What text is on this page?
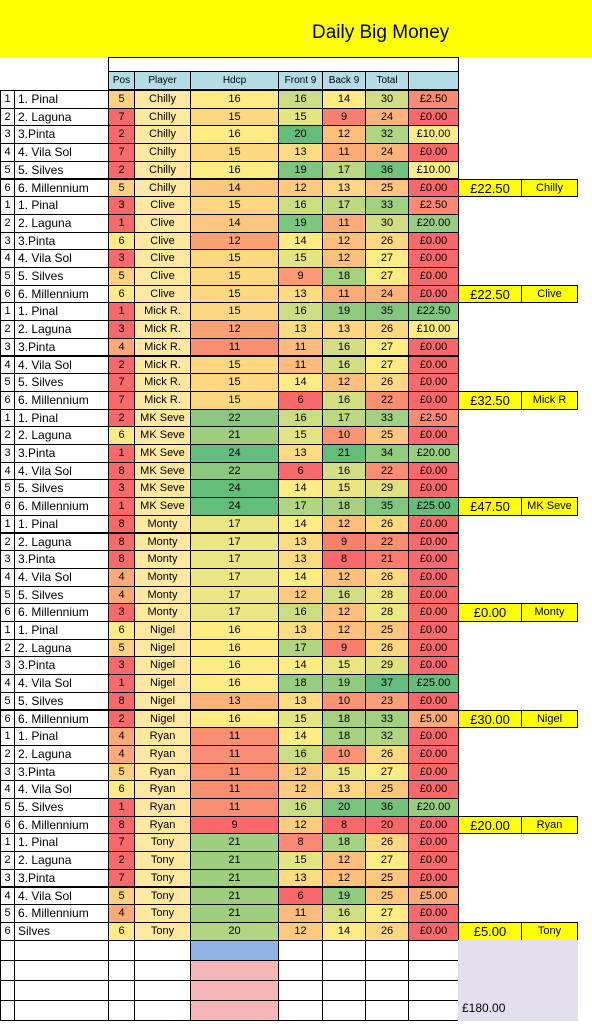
Daily Big Money
Pos	Player	Hdcp	Front 9	Back 9	Total
1 1. Pinal	5	Chilly	16	16	14	30	£2.50
2 2. Laguna	7	Chilly	15	15	9	24	£0.00
3 3.Pinta	2	Chilly	16	20	12	32	£10.00
4 4. Vila Sol	7	Chilly	15	13	11	24	£0.00
5 5. Silves	2	Chilly	16	19	17	36	£10.00
6 6. Millennium	5	Chilly	14	12	13	25	£0.00	£22.50	Chilly
1 1. Pinal	3	Clive	15	16	17	33	£2.50
2 2. Laguna	1	Clive	14	19	11	30	£20.00
3 3.Pinta	6	Clive	12	14	12	26	£0.00
4 4. Vila Sol	3	Clive	15	15	12	27	£0.00
5 5. Silves	5	Clive	15	9	18	27	£0.00
6 6. Millennium	6	Clive	15	13	11	24	£0.00	£22.50	Clive
1 1. Pinal	1	Mick R.	15	16	19	35	£22.50
2 2. Laguna	3	Mick R.	12	13	13	26	£10.00
3 3.Pinta	4	Mick R.	11	11	16	27	£0.00
4 4. Vila Sol	2	Mick R.	15	11	16	27	£0.00
5 5. Silves	7	Mick R.	15	14	12	26	£0.00
6 6. Millennium	7	Mick R.	15	6	16	22	£0.00	£32.50	Mick R
1 1. Pinal	2	MK Seve	22	16	17	33	£2.50
2 2. Laguna	6	MK Seve	21	15	10	25	£0.00
3 3.Pinta	1	MK Seve	24	13	21	34	£20.00
4 4. Vila Sol	8	MK Seve	22	6	16	22	£0.00
5 5. Silves	3	MK Seve	24	14	15	29	£0.00
6 6. Millennium	1	MK Seve	24	17	18	35	£25.00	£47.50	MK Seve
1 1. Pinal	8	Monty	17	14	12	26	£0.00
2 2. Laguna	8	Monty	17	13	9	22	£0.00
3 3.Pinta	8	Monty	17	13	8	21	£0.00
4 4. Vila Sol	4	Monty	17	14	12	26	£0.00
5 5. Silves	4	Monty	17	12	16	28	£0.00
6 6. Millennium	3	Monty	17	16	12	28	£0.00	£0.00	Monty
1 1. Pinal	6	Nigel	16	13	12	25	£0.00
2 2. Laguna	5	Nigel	16	17	9	26	£0.00
3 3.Pinta	3	Nigel	16	14	15	29	£0.00
4 4. Vila Sol	1	Nigel	16	18	19	37	£25.00
5 5. Silves	8	Nigel	13	13	10	23	£0.00
6 6. Millennium	2	Nigel	16	15	18	33	£5.00	£30.00	Nigel
1 1. Pinal	4	Ryan	11	14	18	32	£0.00
2 2. Laguna	4	Ryan	11	16	10	26	£0.00
3 3.Pinta	5	Ryan	11	12	15	27	£0.00
4 4. Vila Sol	6	Ryan	11	12	13	25	£0.00
5 5. Silves	1	Ryan	11	16	20	36	£20.00
6 6. Millennium	8	Ryan	9	12	8	20	£0.00	£20.00	Ryan
1 1. Pinal	7	Tony	21	8	18	26	£0.00
2 2. Laguna	2	Tony	21	15	12	27	£0.00
3 3.Pinta	7	Tony	21	13	12	25	£0.00
4 4. Vila Sol	5	Tony	21	6	19	25	£5.00
5 6. Millennium	4	Tony	21	11	16	27	£0.00
6 Silves	6	Tony	20	12	14	26	£0.00	£5.00	Tony
£180.00
